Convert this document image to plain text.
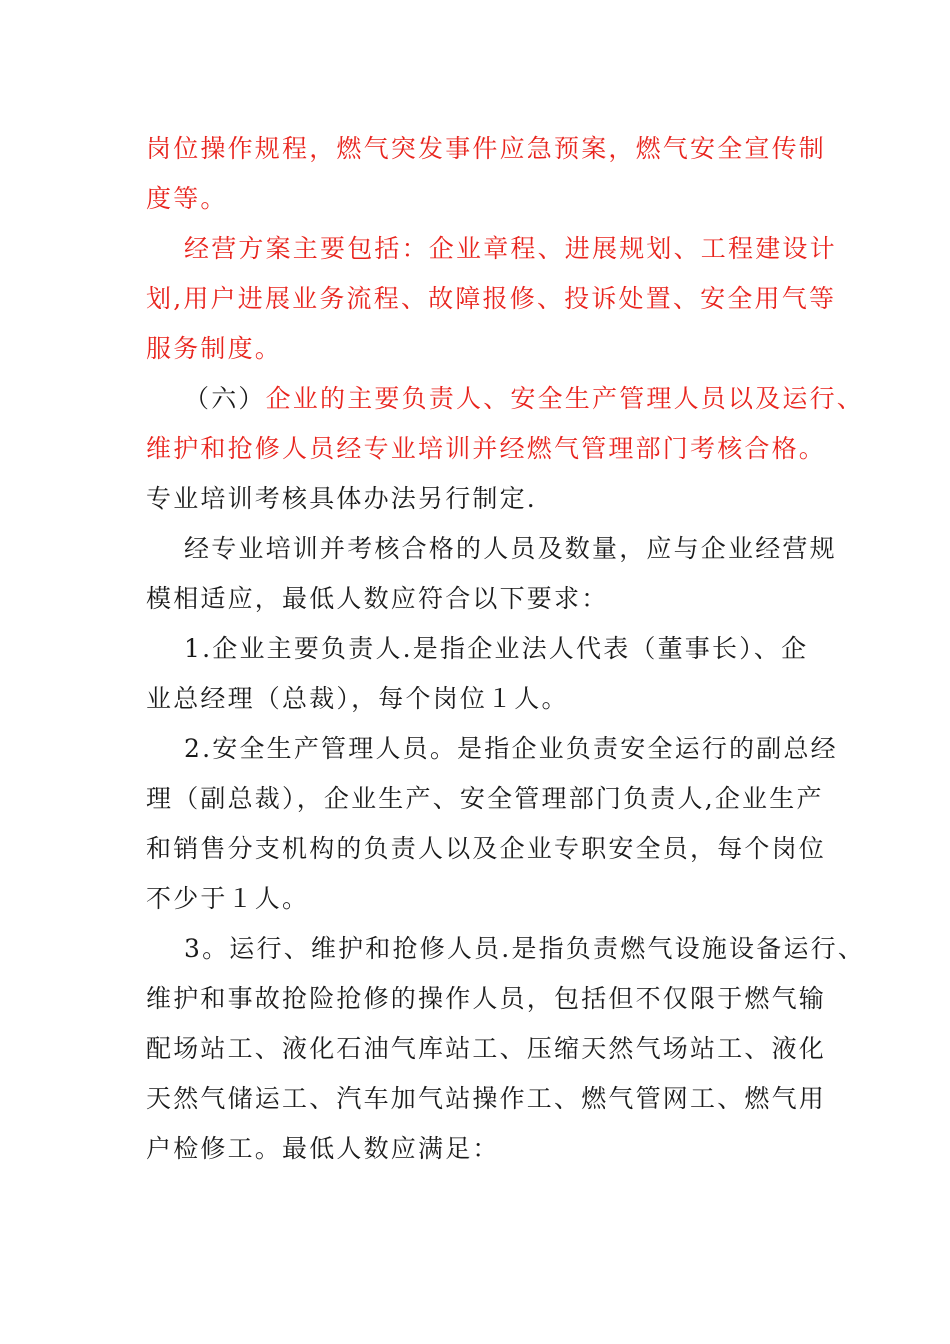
岗位操作规程，燃气突发事件应急预案，燃气安全宣传制
度等。
经营方案主要包括：企业章程、进展规划、工程建设计
划,用户进展业务流程、故障报修、投诉处置、安全用气等
服务制度。
（六）企业的主要负责人、安全生产管理人员以及运行、
维护和抢修人员经专业培训并经燃气管理部门考核合格。
专业培训考核具体办法另行制定.
经专业培训并考核合格的人员及数量，应与企业经营规
模相适应，最低人数应符合以下要求：
1.企业主要负责人.是指企业法人代表（董事长）、企
业总经理（总裁），每个岗位１人。
2.安全生产管理人员。是指企业负责安全运行的副总经
理（副总裁），企业生产、安全管理部门负责人,企业生产
和销售分支机构的负责人以及企业专职安全员，每个岗位
不少于１人。
3。运行、维护和抢修人员.是指负责燃气设施设备运行、
维护和事故抢险抢修的操作人员，包括但不仅限于燃气输
配场站工、液化石油气库站工、压缩天然气场站工、液化
天然气储运工、汽车加气站操作工、燃气管网工、燃气用
户检修工。最低人数应满足：
